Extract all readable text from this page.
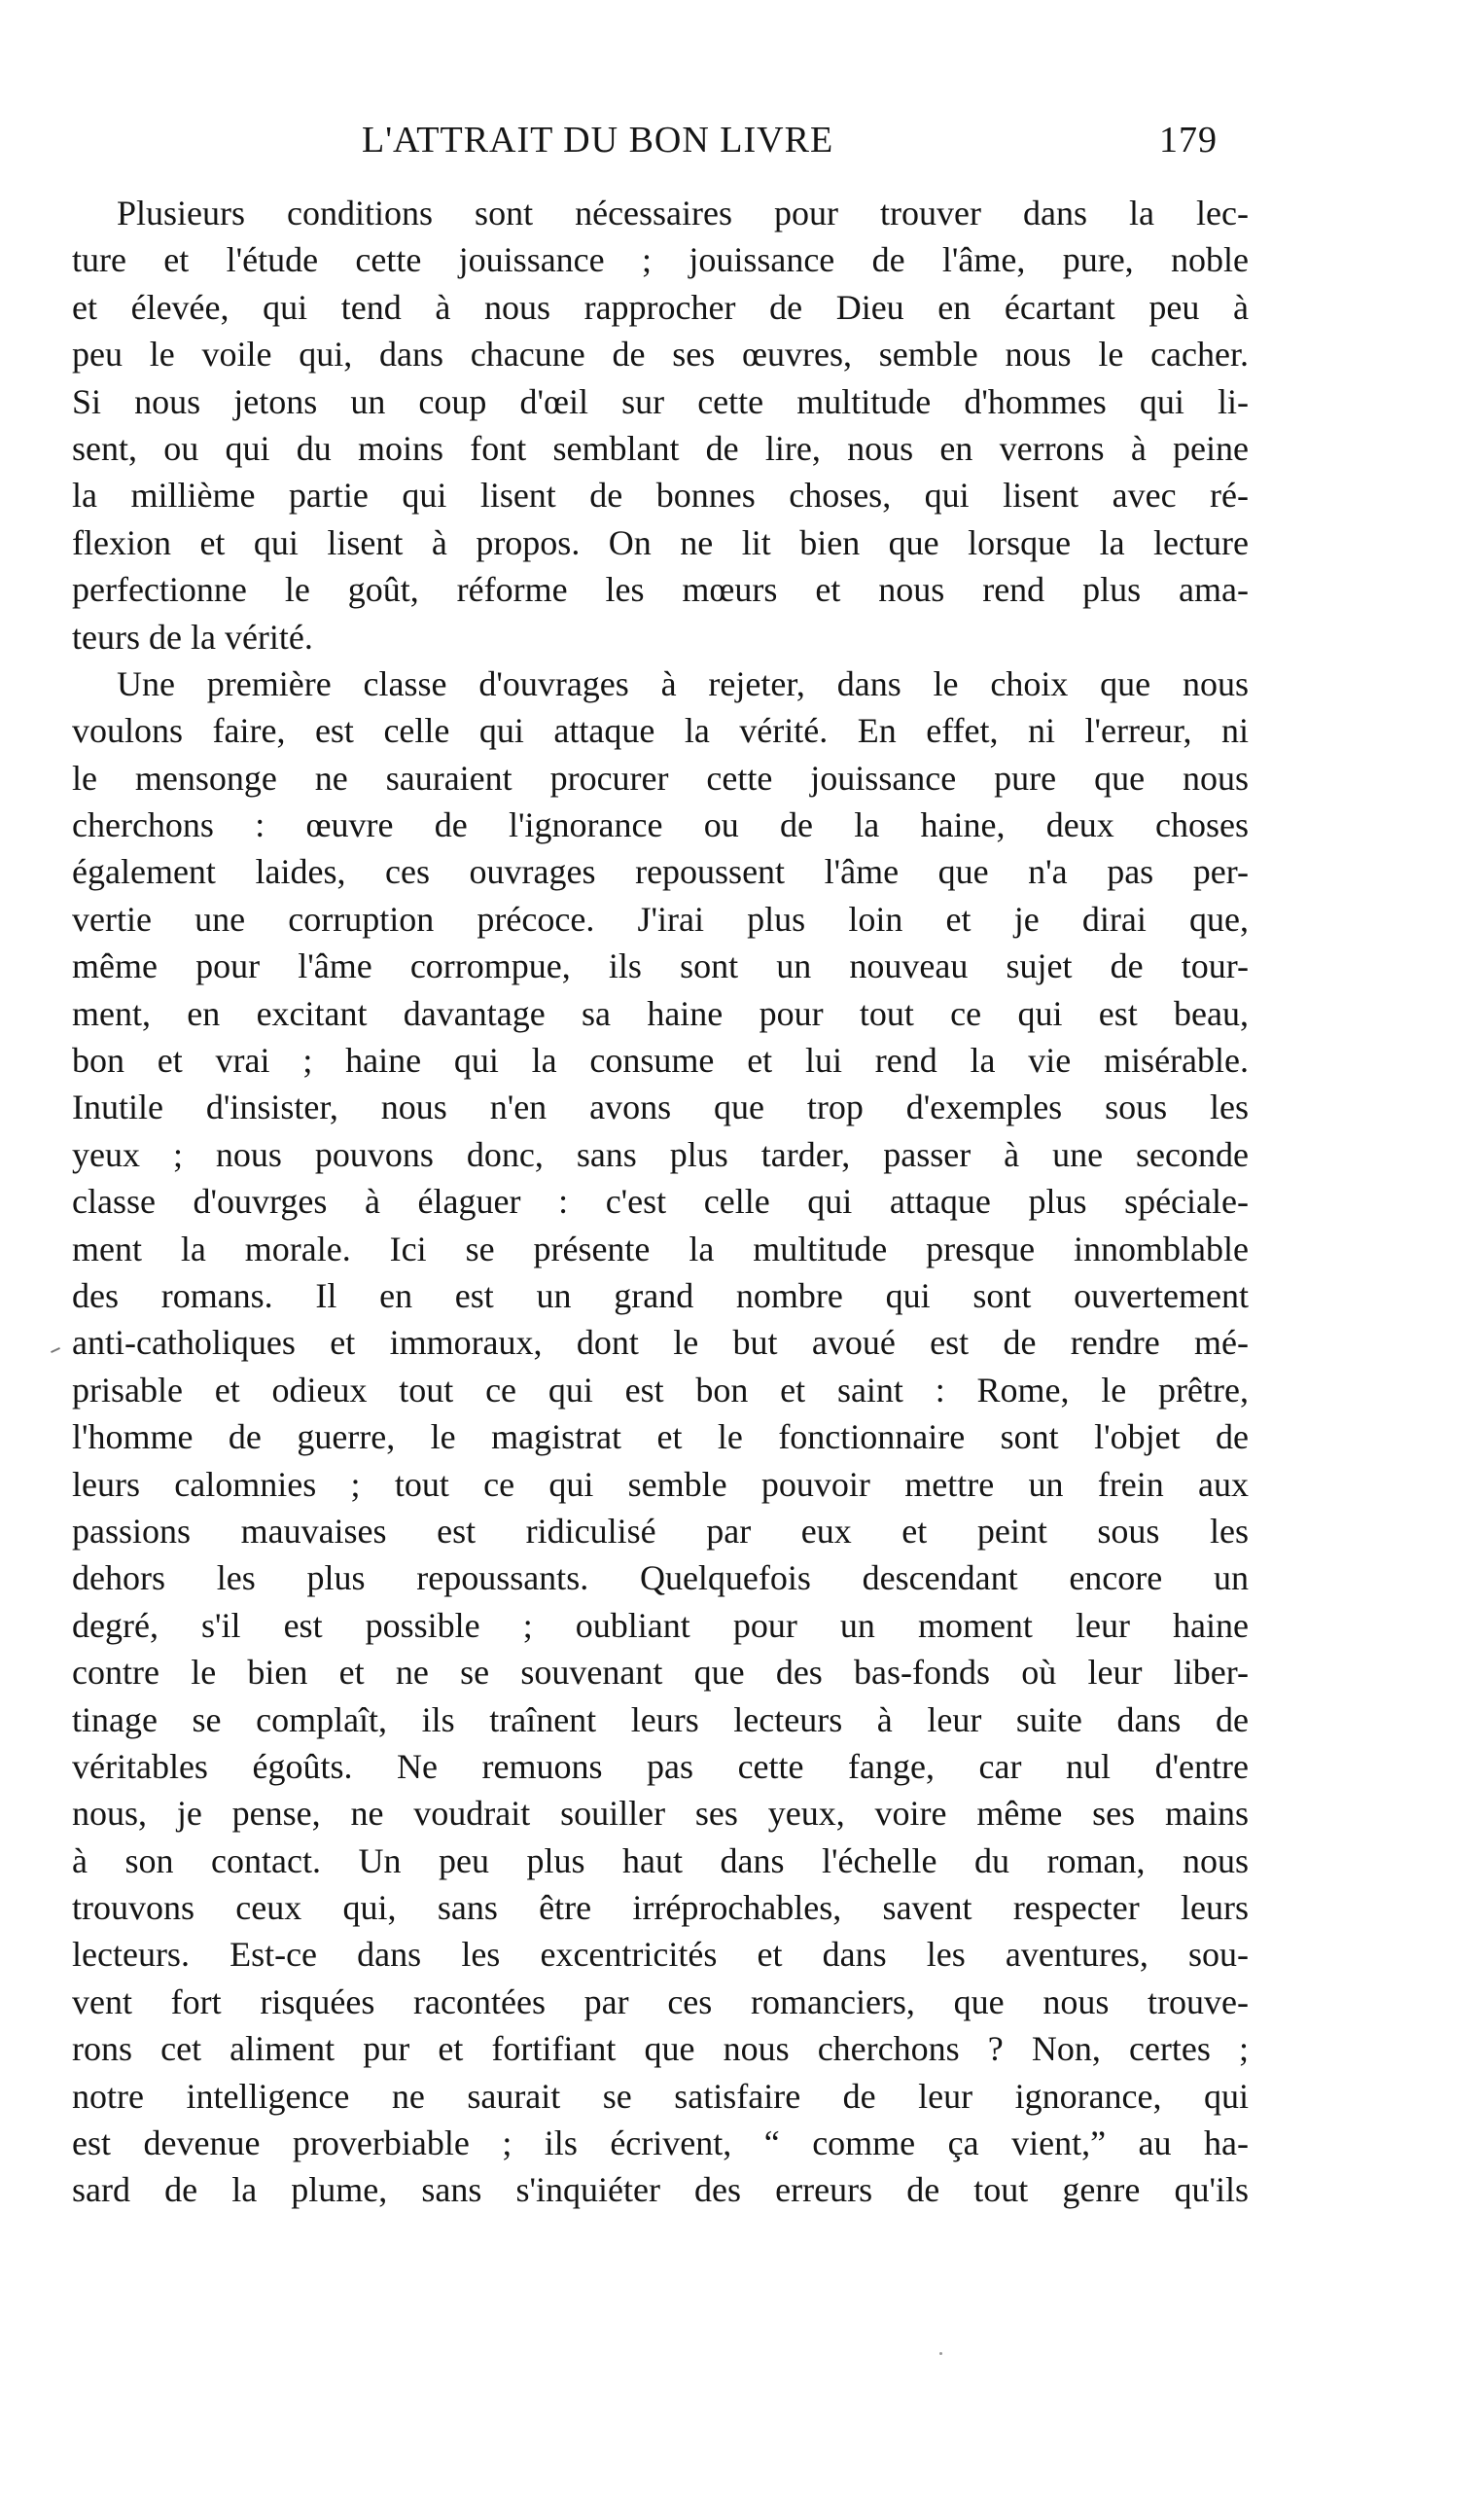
L'ATTRAIT DU BON LIVRE	179
Plusieurs conditions sont nécessaires pour trouver dans la lec-
ture et l'étude cette jouissance ; jouissance de l'âme, pure, noble
et élevée, qui tend à nous rapprocher de Dieu en écartant peu à
peu le voile qui, dans chacune de ses œuvres, semble nous le cacher.
Si nous jetons un coup d'œil sur cette multitude d'hommes qui li-
sent, ou qui du moins font semblant de lire, nous en verrons à peine
la millième partie qui lisent de bonnes choses, qui lisent avec ré-
flexion et qui lisent à propos. On ne lit bien que lorsque la lecture
perfectionne le goût, réforme les mœurs et nous rend plus ama-
teurs de la vérité.
Une première classe d'ouvrages à rejeter, dans le choix que nous
voulons faire, est celle qui attaque la vérité. En effet, ni l'erreur, ni
le mensonge ne sauraient procurer cette jouissance pure que nous
cherchons : œuvre de l'ignorance ou de la haine, deux choses
également laides, ces ouvrages repoussent l'âme que n'a pas per-
vertie une corruption précoce. J'irai plus loin et je dirai que,
même pour l'âme corrompue, ils sont un nouveau sujet de tour-
ment, en excitant davantage sa haine pour tout ce qui est beau,
bon et vrai ; haine qui la consume et lui rend la vie misérable.
Inutile d'insister, nous n'en avons que trop d'exemples sous les
yeux ; nous pouvons donc, sans plus tarder, passer à une seconde
classe d'ouvrges à élaguer : c'est celle qui attaque plus spéciale-
ment la morale. Ici se présente la multitude presque innomblable
des romans. Il en est un grand nombre qui sont ouvertement
anti-catholiques et immoraux, dont le but avoué est de rendre mé-
prisable et odieux tout ce qui est bon et saint : Rome, le prêtre,
l'homme de guerre, le magistrat et le fonctionnaire sont l'objet de
leurs calomnies ; tout ce qui semble pouvoir mettre un frein aux
passions mauvaises est ridiculisé par eux et peint sous les
dehors les plus repoussants. Quelquefois descendant encore un
degré, s'il est possible ; oubliant pour un moment leur haine
contre le bien et ne se souvenant que des bas-fonds où leur liber-
tinage se complaît, ils traînent leurs lecteurs à leur suite dans de
véritables égoûts. Ne remuons pas cette fange, car nul d'entre
nous, je pense, ne voudrait souiller ses yeux, voire même ses mains
à son contact. Un peu plus haut dans l'échelle du roman, nous
trouvons ceux qui, sans être irréprochables, savent respecter leurs
lecteurs. Est-ce dans les excentricités et dans les aventures, sou-
vent fort risquées racontées par ces romanciers, que nous trouve-
rons cet aliment pur et fortifiant que nous cherchons ? Non, certes ;
notre intelligence ne saurait se satisfaire de leur ignorance, qui
est devenue proverbiable ; ils écrivent, “ comme ça vient,” au ha-
sard de la plume, sans s'inquiéter des erreurs de tout genre qu'ils
